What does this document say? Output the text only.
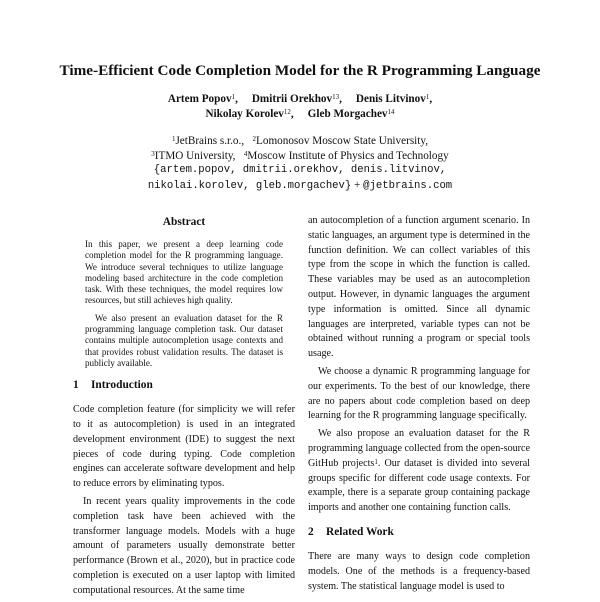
Time-Efficient Code Completion Model for the R Programming Language
Artem Popov$^1$,     Dmitrii Orekhov$^{13}$,     Denis Litvinov$^1$,
Nikolay Korolev$^{12}$,     Gleb Morgachev$^{14}$
$^1$JetBrains s.r.o., $^2$Lomonosov Moscow State University,
$^3$ITMO University, $^4$Moscow Institute of Physics and Technology
{artem.popov, dmitrii.orekhov, denis.litvinov,
nikolai.korolev, gleb.morgachev} + @jetbrains.com
Abstract

In this paper, we present a deep learning code completion model for the R programming language. We introduce several techniques to utilize language modeling based architecture in the code completion task. With these techniques, the model requires low resources, but still achieves high quality.

We also present an evaluation dataset for the R programming language completion task. Our dataset contains multiple autocompletion usage contexts and that provides robust validation results. The dataset is publicly available.

1 Introduction

Code completion feature (for simplicity we will refer to it as autocompletion) is used in an integrated development environment (IDE) to suggest the next pieces of code during typing. Code completion engines can accelerate software development and help to reduce errors by eliminating typos.

In recent years quality improvements in the code completion task have been achieved with the transformer language models. Models with a huge amount of parameters usually demonstrate better performance (Brown et al., 2020), but in practice code completion is executed on a user laptop with limited computational resources. At the same time

an autocompletion of a function argument scenario. In static languages, an argument type is determined in the function definition. We can collect variables of this type from the scope in which the function is called. These variables may be used as an autocompletion output. However, in dynamic languages the argument type information is omitted. Since all dynamic languages are interpreted, variable types can not be obtained without running a program or special tools usage.

We choose a dynamic R programming language for our experiments. To the best of our knowledge, there are no papers about code completion based on deep learning for the R programming language specifically.

We also propose an evaluation dataset for the R programming language collected from the open-source GitHub projects$^1$. Our dataset is divided into several groups specific for different code usage contexts. For example, there is a separate group containing package imports and another one containing function calls.

2 Related Work

There are many ways to design code completion models. One of the methods is a frequency-based system. The statistical language model is used to
